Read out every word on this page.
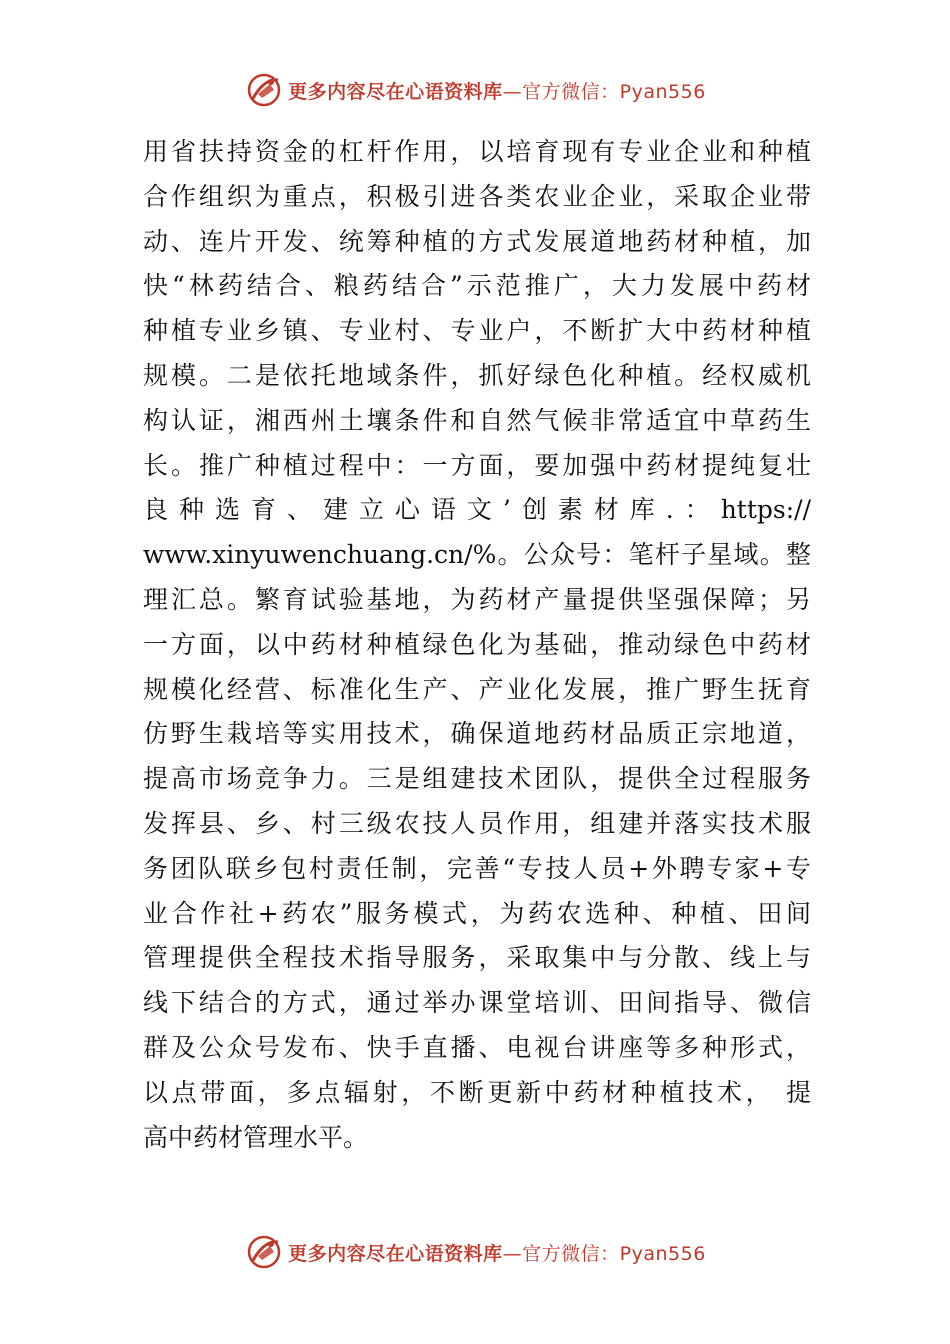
更多内容尽在心语资料库—官方微信：Pyan556
用省扶持资金的杠杆作用，以培育现有专业企业和种植
合作组织为重点，积极引进各类农业企业，采取企业带
动、连片开发、统筹种植的方式发展道地药材种植，加
快“林药结合、粮药结合”示范推广，大力发展中药材
种植专业乡镇、专业村、专业户，不断扩大中药材种植
规模。二是依托地域条件，抓好绿色化种植。经权威机
构认证，湘西州土壤条件和自然气候非常适宜中草药生
长。推广种植过程中：一方面，要加强中药材提纯复壮
良种选育、建立心语文’创素材库.：https://
www.xinyuwenchuang.cn/%。公众号：笔杆子星域。整
理汇总。繁育试验基地，为药材产量提供坚强保障；另
一方面，以中药材种植绿色化为基础，推动绿色中药材
规模化经营、标准化生产、产业化发展，推广野生抚育
仿野生栽培等实用技术，确保道地药材品质正宗地道，
提高市场竞争力。三是组建技术团队，提供全过程服务
发挥县、乡、村三级农技人员作用，组建并落实技术服
务团队联乡包村责任制，完善“专技人员+外聘专家+专
业合作社+药农”服务模式，为药农选种、种植、田间
管理提供全程技术指导服务，采取集中与分散、线上与
线下结合的方式，通过举办课堂培训、田间指导、微信
群及公众号发布、快手直播、电视台讲座等多种形式，
以点带面，多点辐射，不断更新中药材种植技术， 提
高中药材管理水平。
更多内容尽在心语资料库—官方微信：Pyan556
